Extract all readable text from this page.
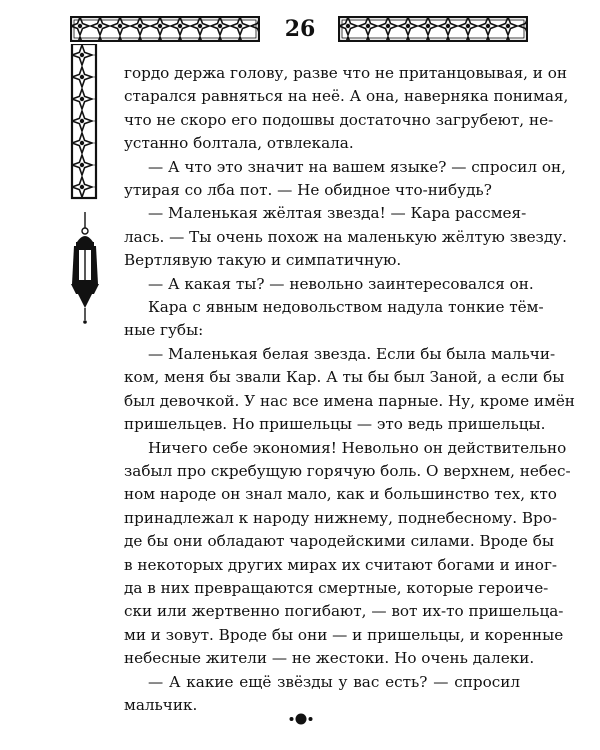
26
гордо держа голову, разве что не пританцовывая, и он
старался равняться на неё. А она, наверняка понимая,
что не скоро его подошвы достаточно загрубеют, не-
устанно болтала, отвлекала.
— А что это значит на вашем языке? — спросил он,
утирая со лба пот. — Не обидное что-нибудь?
— Маленькая жёлтая звезда! — Кара рассмея-
лась. — Ты очень похож на маленькую жёлтую звезду.
Вертлявую такую и симпатичную.
— А какая ты? — невольно заинтересовался он.
Кара с явным недовольством надула тонкие тём-
ные губы:
— Маленькая белая звезда. Если бы была мальчи-
ком, меня бы звали Кар. А ты бы был Заной, а если бы
был девочкой. У нас все имена парные. Ну, кроме имён
пришельцев. Но пришельцы — это ведь пришельцы.
Ничего себе экономия! Невольно он действительно
забыл про скребущую горячую боль. О верхнем, небес-
ном народе он знал мало, как и большинство тех, кто
принадлежал к народу нижнему, поднебесному. Вро-
де бы они обладают чародейскими силами. Вроде бы
в некоторых других мирах их считают богами и иног-
да в них превращаются смертные, которые героиче-
ски или жертвенно погибают, — вот их-то пришельца-
ми и зовут. Вроде бы они — и пришельцы, и коренные
небесные жители — не жестоки. Но очень далеки.
— А какие ещё звёзды у вас есть? — спросил
мальчик.
